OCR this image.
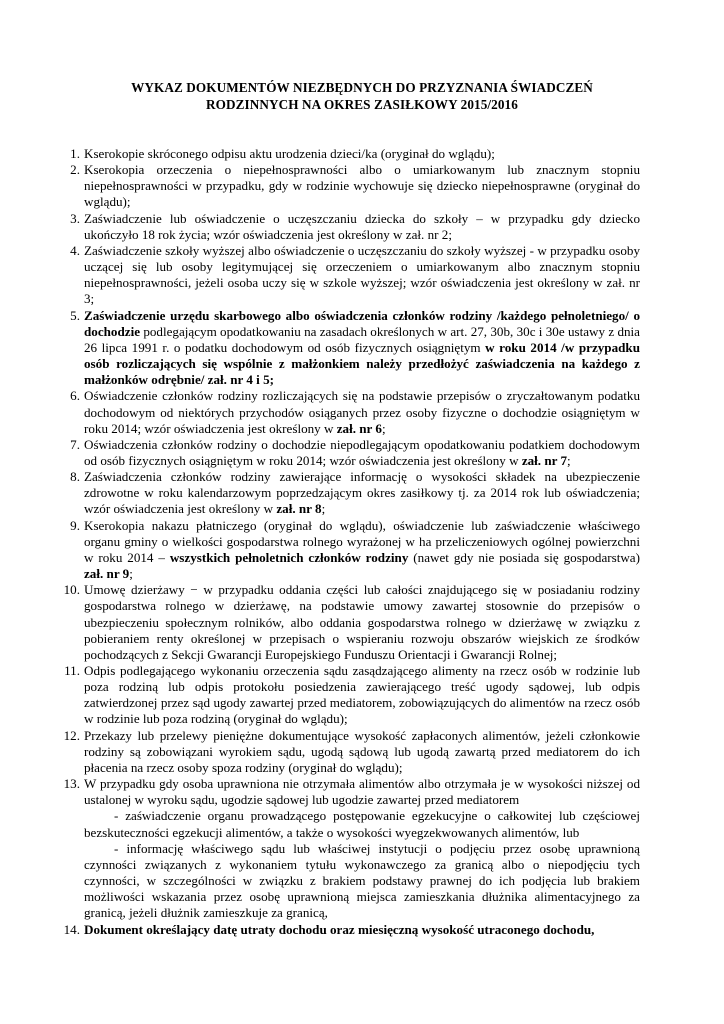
WYKAZ DOKUMENTÓW NIEZBĘDNYCH DO PRZYZNANIA ŚWIADCZEŃ
RODZINNYCH NA OKRES ZASIŁKOWY 2015/2016
1. Kserokopie skróconego odpisu aktu urodzenia dzieci/ka (oryginał do wglądu);
2. Kserokopia orzeczenia o niepełnosprawności albo o umiarkowanym lub znacznym stopniu niepełnosprawności w przypadku, gdy w rodzinie wychowuje się dziecko niepełnosprawne (oryginał do wglądu);
3. Zaświadczenie lub oświadczenie o uczęszczaniu dziecka do szkoły – w przypadku gdy dziecko ukończyło 18 rok życia; wzór oświadczenia jest określony w zał. nr 2;
4. Zaświadczenie szkoły wyższej albo oświadczenie o uczęszczaniu do szkoły wyższej - w przypadku osoby uczącej się lub osoby legitymującej się orzeczeniem o umiarkowanym albo znacznym stopniu niepełnosprawności, jeżeli osoba uczy się w szkole wyższej; wzór oświadczenia jest określony w zał. nr 3;
5. Zaświadczenie urzędu skarbowego albo oświadczenia członków rodziny /każdego pełnoletniego/ o dochodzie podlegającym opodatkowaniu na zasadach określonych w art. 27, 30b, 30c i 30e ustawy z dnia 26 lipca 1991 r. o podatku dochodowym od osób fizycznych osiągniętym w roku 2014 /w przypadku osób rozliczających się wspólnie z małżonkiem należy przedłożyć zaświadczenia na każdego z małżonków odrębnie/ zał. nr 4 i 5;
6. Oświadczenie członków rodziny rozliczających się na podstawie przepisów o zryczałtowanym podatku dochodowym od niektórych przychodów osiąganych przez osoby fizyczne o dochodzie osiągniętym w roku 2014; wzór oświadczenia jest określony w zał. nr 6;
7. Oświadczenia członków rodziny o dochodzie niepodlegającym opodatkowaniu podatkiem dochodowym od osób fizycznych osiągniętym w roku 2014; wzór oświadczenia jest określony w zał. nr 7;
8. Zaświadczenia członków rodziny zawierające informację o wysokości składek na ubezpieczenie zdrowotne w roku kalendarzowym poprzedzającym okres zasiłkowy tj. za 2014 rok lub oświadczenia; wzór oświadczenia jest określony w zał. nr 8;
9. Kserokopia nakazu płatniczego (oryginał do wglądu), oświadczenie lub zaświadczenie właściwego organu gminy o wielkości gospodarstwa rolnego wyrażonej w ha przeliczeniowych ogólnej powierzchni w roku 2014 – wszystkich pełnoletnich członków rodziny (nawet gdy nie posiada się gospodarstwa) zał. nr 9;
10. Umowę dzierżawy − w przypadku oddania części lub całości znajdującego się w posiadaniu rodziny gospodarstwa rolnego w dzierżawę, na podstawie umowy zawartej stosownie do przepisów o ubezpieczeniu społecznym rolników, albo oddania gospodarstwa rolnego w dzierżawę w związku z pobieraniem renty określonej w przepisach o wspieraniu rozwoju obszarów wiejskich ze środków pochodzących z Sekcji Gwarancji Europejskiego Funduszu Orientacji i Gwarancji Rolnej;
11. Odpis podlegającego wykonaniu orzeczenia sądu zasądzającego alimenty na rzecz osób w rodzinie lub poza rodziną lub odpis protokołu posiedzenia zawierającego treść ugody sądowej, lub odpis zatwierdzonej przez sąd ugody zawartej przed mediatorem, zobowiązujących do alimentów na rzecz osób w rodzinie lub poza rodziną (oryginał do wglądu);
12. Przekazy lub przelewy pieniężne dokumentujące wysokość zapłaconych alimentów, jeżeli członkowie rodziny są zobowiązani wyrokiem sądu, ugodą sądową lub ugodą zawartą przed mediatorem do ich płacenia na rzecz osoby spoza rodziny (oryginał do wglądu);
13. W przypadku gdy osoba uprawniona nie otrzymała alimentów albo otrzymała je w wysokości niższej od ustalonej w wyroku sądu, ugodzie sądowej lub ugodzie zawartej przed mediatorem

- zaświadczenie organu prowadzącego postępowanie egzekucyjne o całkowitej lub częściowej bezskuteczności egzekucji alimentów, a także o wysokości wyegzekwowanych alimentów, lub

- informację właściwego sądu lub właściwej instytucji o podjęciu przez osobę uprawnioną czynności związanych z wykonaniem tytułu wykonawczego za granicą albo o niepodjęciu tych czynności, w szczególności w związku z brakiem podstawy prawnej do ich podjęcia lub brakiem możliwości wskazania przez osobę uprawnioną miejsca zamieszkania dłużnika alimentacyjnego za granicą, jeżeli dłużnik zamieszkuje za granicą,

14. Dokument określający datę utraty dochodu oraz miesięczną wysokość utraconego dochodu,
